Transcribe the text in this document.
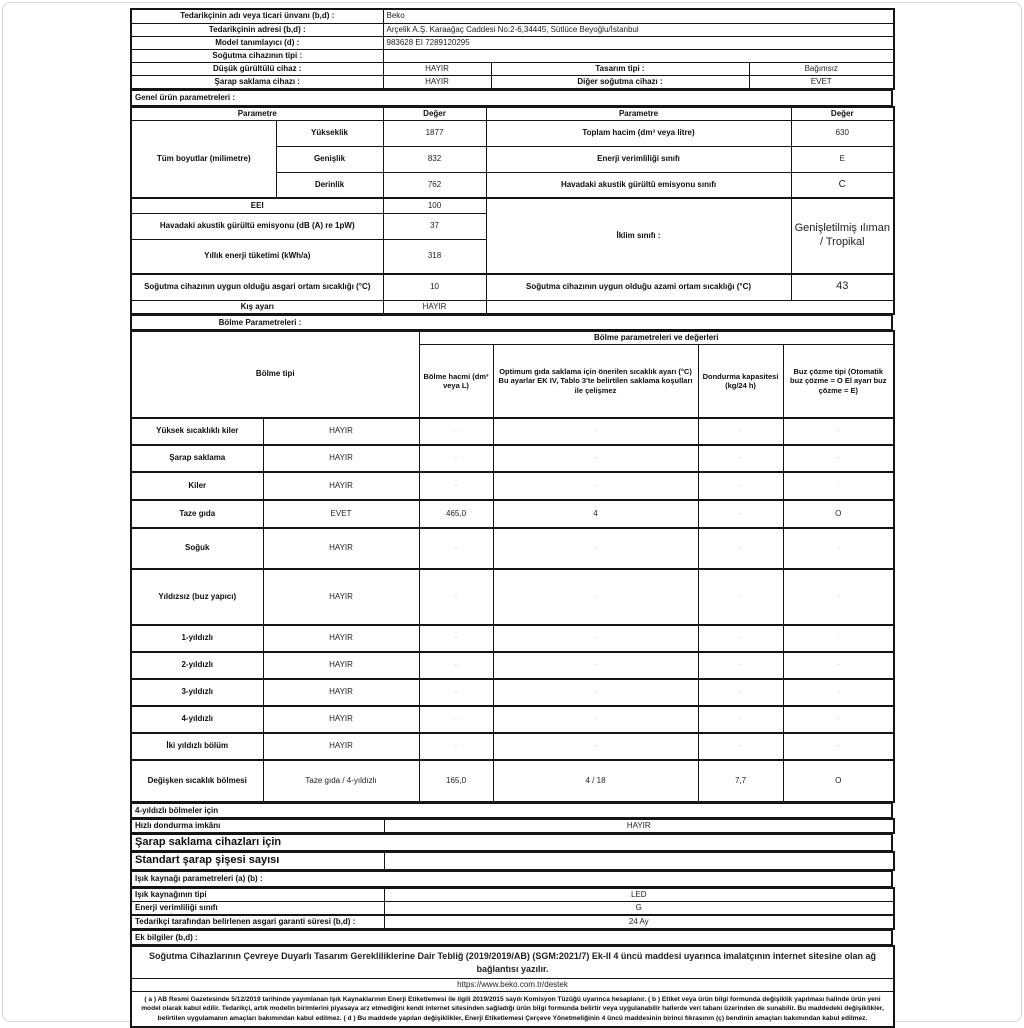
Tedarikçinin adı veya ticari ünvanı (b,d) :	Beko		
Tedarikçinin adresi (b,d) :	Arçelik A.Ş. Karaağaç Caddesi No:2-6,34445, Sütlüce Beyoğlu/İstanbul		
Model tanımlayıcı (d) :	983628 EI 7289120295		
Soğutma cihazının tipi :			
Düşük gürültülü cihaz :	HAYIR	Tasarım tipi :	Bağımsız
Şarap saklama cihazı :	HAYIR	Diğer soğutma cihazı :	EVET
Genel ürün parametreleri :
Parametre		Değer	Parametre	Değer
Tüm boyutlar (milimetre)	Yükseklik	1877	Toplam hacim (dm³ veya litre)	630
	Genişlik	832	Enerji verimliliği sınıfı	E
	Derinlik	762	Havadaki akustik gürültü emisyonu sınıfı	C
EEI		100	İklim sınıfı :	Genişletilmiş ılıman / Tropikal
Havadaki akustik gürültü emisyonu (dB (A) re 1pW)		37		
Yıllık enerji tüketimi (kWh/a)		318		
Soğutma cihazının uygun olduğu asgari ortam sıcaklığı (°C)		10	Soğutma cihazının uygun olduğu azami ortam sıcaklığı (°C)	43
Kış ayarı		HAYIR		
Bölme Parametreleri :
Bölme tipi		Bölme parametreleri ve değerleri			
		Bölme hacmi (dm³ veya L)	Optimum gıda saklama için önerilen sıcaklık ayarı (°C) Bu ayarlar EK IV, Tablo 3'te belirtilen saklama koşulları ile çelişmez	Dondurma kapasitesi (kg/24 h)	Buz çözme tipi (Otomatik buz çözme = O El ayarı buz çözme = E)
Yüksek sıcaklıklı kiler	HAYIR	-	-	-	-
Şarap saklama	HAYIR	-	-	-	-
Kiler	HAYIR	-	-	-	-
Taze gıda	EVET	465,0	4	-	O
Soğuk	HAYIR	-	-	-	-
Yıldızsız (buz yapıcı)	HAYIR	-	-	-	-
1-yıldızlı	HAYIR	-	-	-	-
2-yıldızlı	HAYIR	-	-	-	-
3-yıldızlı	HAYIR	-	-	-	-
4-yıldızlı	HAYIR	-	-	-	-
İki yıldızlı bölüm	HAYIR	-	-	-	-
Değişken sıcaklık bölmesi	Taze gıda / 4-yıldızlı	165,0	4 / 18	7,7	O
4-yıldızlı bölmeler için
Hızlı dondurma imkânı	HAYIR
Şarap saklama cihazları için
Standart şarap şişesi sayısı	
Işık kaynağı parametreleri (a) (b) :
Işık kaynağının tipi	LED
Enerji verimliliği sınıfı	G
Tedarikçi tarafından belirlenen asgari garanti süresi (b,d) :	24 Ay
Ek bilgiler (b,d) :
Soğutma Cihazlarının Çevreye Duyarlı Tasarım Gerekliliklerine Dair Tebliğ (2019/2019/AB) (SGM:2021/7) Ek-II 4 üncü maddesi uyarınca imalatçının internet sitesine olan ağ bağlantısı yazılır.
https://www.beko.com.tr/destek
( a ) AB Resmi Gazetesinde 5/12/2019 tarihinde yayımlanan Işık Kaynaklarının Enerji Etiketlemesi ile ilgili 2019/2015 sayılı Komisyon Tüzüğü uyarınca hesaplanır. ( b ) Etiket veya ürün bilgi formunda değişiklik yapılması halinde ürün yeni model olarak kabul edilir. Tedarikçi, artık modelin birimlerini piyasaya arz etmediğini kendi internet sitesinden sağladığı ürün bilgi formunda belirtir veya uygulanabilir hallerde veri tabanı üzerinden de sunabilir. Bu maddedeki değişiklikler, belirtilen uygulamanın amaçları bakımından kabul edilmez. ( d ) Bu maddede yapılan değişiklikler, Enerji Etiketlemesi Çerçeve Yönetmeliğinin 4 üncü maddesinin birinci fıkrasının (ç) bendinin amaçları bakımından kabul edilmez.
